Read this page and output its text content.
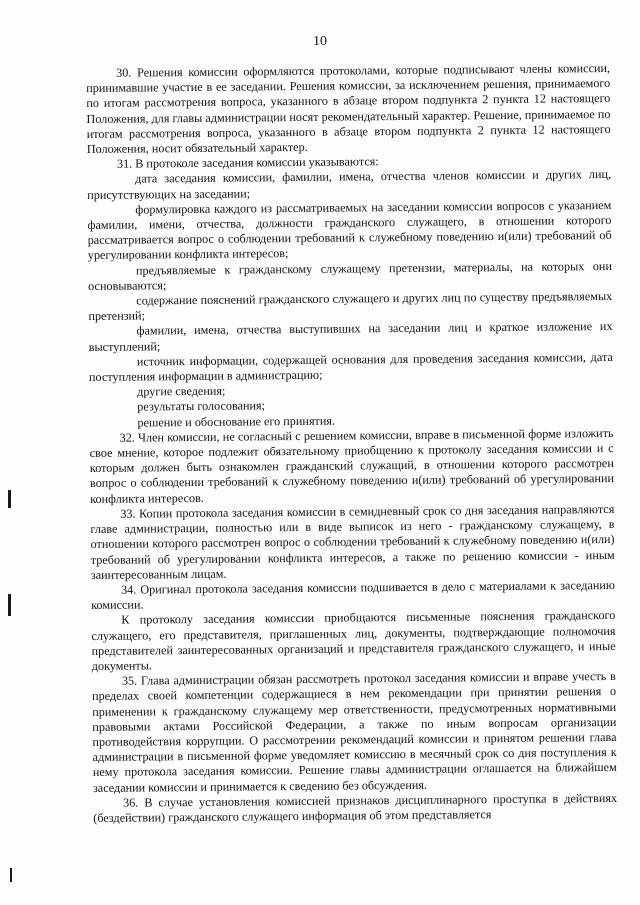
10

30. Решения комиссии оформляются протоколами, которые подписывают члены комиссии, принимавшие участие в ее заседании. Решения комиссии, за исключением решения, принимаемого по итогам рассмотрения вопроса, указанного в абзаце втором подпункта 2 пункта 12 настоящего Положения, для главы администрации носят рекомендательный характер. Решение, принимаемое по итогам рассмотрения вопроса, указанного в абзаце втором подпункта 2 пункта 12 настоящего Положения, носит обязательный характер.

31. В протоколе заседания комиссии указываются:

дата заседания комиссии, фамилии, имена, отчества членов комиссии и других лиц, присутствующих на заседании;

формулировка каждого из рассматриваемых на заседании комиссии вопросов с указанием фамилии, имени, отчества, должности гражданского служащего, в отношении которого рассматривается вопрос о соблюдении требований к служебному поведению и(или) требований об урегулировании конфликта интересов;

предъявляемые к гражданскому служащему претензии, материалы, на которых они основываются;

содержание пояснений гражданского служащего и других лиц по существу предъявляемых претензий;

фамилии, имена, отчества выступивших на заседании лиц и краткое изложение их выступлений;

источник информации, содержащей основания для проведения заседания комиссии, дата поступления информации в администрацию;

другие сведения;

результаты голосования;

решение и обоснование его принятия.

32. Член комиссии, не согласный с решением комиссии, вправе в письменной форме изложить свое мнение, которое подлежит обязательному приобщению к протоколу заседания комиссии и с которым должен быть ознакомлен гражданский служащий, в отношении которого рассмотрен вопрос о соблюдении требований к служебному поведению и(или) требований об урегулировании конфликта интересов.

33. Копии протокола заседания комиссии в семидневный срок со дня заседания направляются главе администрации, полностью или в виде выписок из него - гражданскому служащему, в отношении которого рассмотрен вопрос о соблюдении требований к служебному поведению и(или) требований об урегулировании конфликта интересов, а также по решению комиссии - иным заинтересованным лицам.

34. Оригинал протокола заседания комиссии подшивается в дело с материалами к заседанию комиссии.

К протоколу заседания комиссии приобщаются письменные пояснения гражданского служащего, его представителя, приглашенных лиц, документы, подтверждающие полномочия представителей заинтересованных организаций и представителя гражданского служащего, и иные документы.

35. Глава администрации обязан рассмотреть протокол заседания комиссии и вправе учесть в пределах своей компетенции содержащиеся в нем рекомендации при принятии решения о применении к гражданскому служащему мер ответственности, предусмотренных нормативными правовыми актами Российской Федерации, а также по иным вопросам организации противодействия коррупции. О рассмотрении рекомендаций комиссии и принятом решении глава администрации в письменной форме уведомляет комиссию в месячный срок со дня поступления к нему протокола заседания комиссии. Решение главы администрации оглашается на ближайшем заседании комиссии и принимается к сведению без обсуждения.

36. В случае установления комиссией признаков дисциплинарного проступка в действиях (бездействии) гражданского служащего информация об этом представляется
